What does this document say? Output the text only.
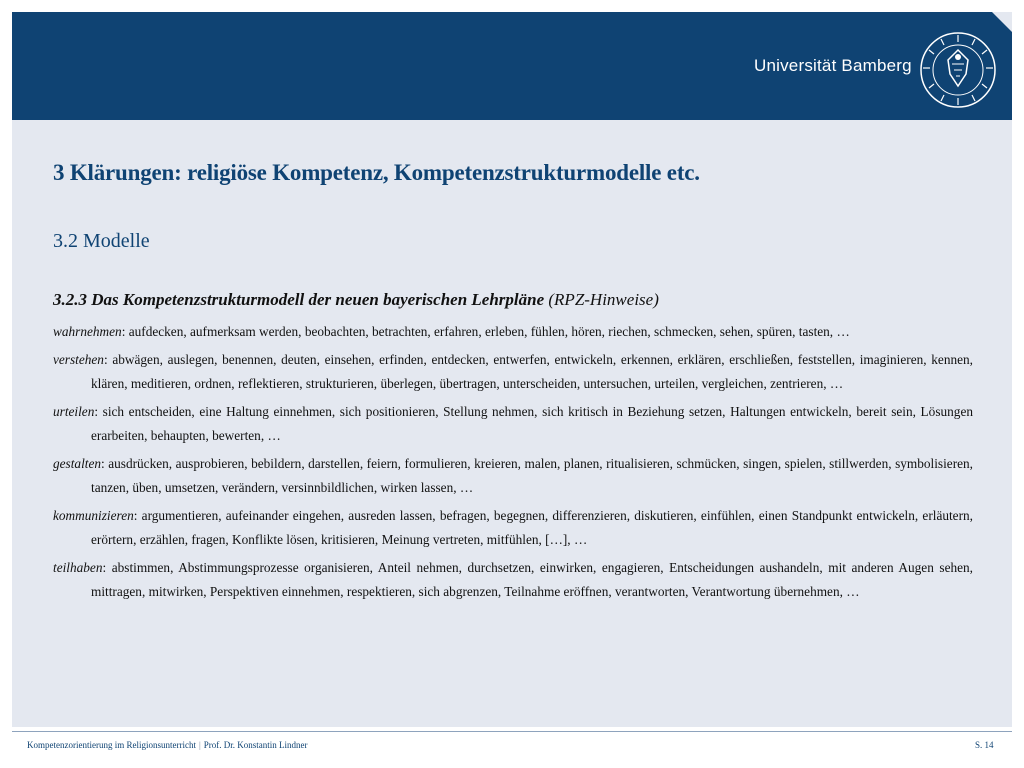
Universität Bamberg
3 Klärungen: religiöse Kompetenz, Kompetenzstrukturmodelle etc.
3.2 Modelle
3.2.3 Das Kompetenzstrukturmodell der neuen bayerischen Lehrpläne (RPZ-Hinweise)
wahrnehmen: aufdecken, aufmerksam werden, beobachten, betrachten, erfahren, erleben, fühlen, hören, riechen, schmecken, sehen, spüren, tasten, …
verstehen: abwägen, auslegen, benennen, deuten, einsehen, erfinden, entdecken, entwerfen, entwickeln, erkennen, erklären, erschließen, feststellen, imaginieren, kennen, klären, meditieren, ordnen, reflektieren, strukturieren, überlegen, übertragen, unterscheiden, untersuchen, urteilen, vergleichen, zentrieren, …
urteilen: sich entscheiden, eine Haltung einnehmen, sich positionieren, Stellung nehmen, sich kritisch in Beziehung setzen, Haltungen entwickeln, bereit sein, Lösungen erarbeiten, behaupten, bewerten, …
gestalten: ausdrücken, ausprobieren, bebildern, darstellen, feiern, formulieren, kreieren, malen, planen, ritualisieren, schmücken, singen, spielen, stillwerden, symbolisieren, tanzen, üben, umsetzen, verändern, versinnbildlichen, wirken lassen, …
kommunizieren: argumentieren, aufeinander eingehen, ausreden lassen, befragen, begegnen, differenzieren, diskutieren, einfühlen, einen Standpunkt entwickeln, erläutern, erörtern, erzählen, fragen, Konflikte lösen, kritisieren, Meinung vertreten, mitfühlen, […], …
teilhaben: abstimmen, Abstimmungsprozesse organisieren, Anteil nehmen, durchsetzen, einwirken, engagieren, Entscheidungen aushandeln, mit anderen Augen sehen, mittragen, mitwirken, Perspektiven einnehmen, respektieren, sich abgrenzen, Teilnahme eröffnen, verantworten, Verantwortung übernehmen, …
Kompetenzorientierung im Religionsunterricht | Prof. Dr. Konstantin Lindner	S. 14
